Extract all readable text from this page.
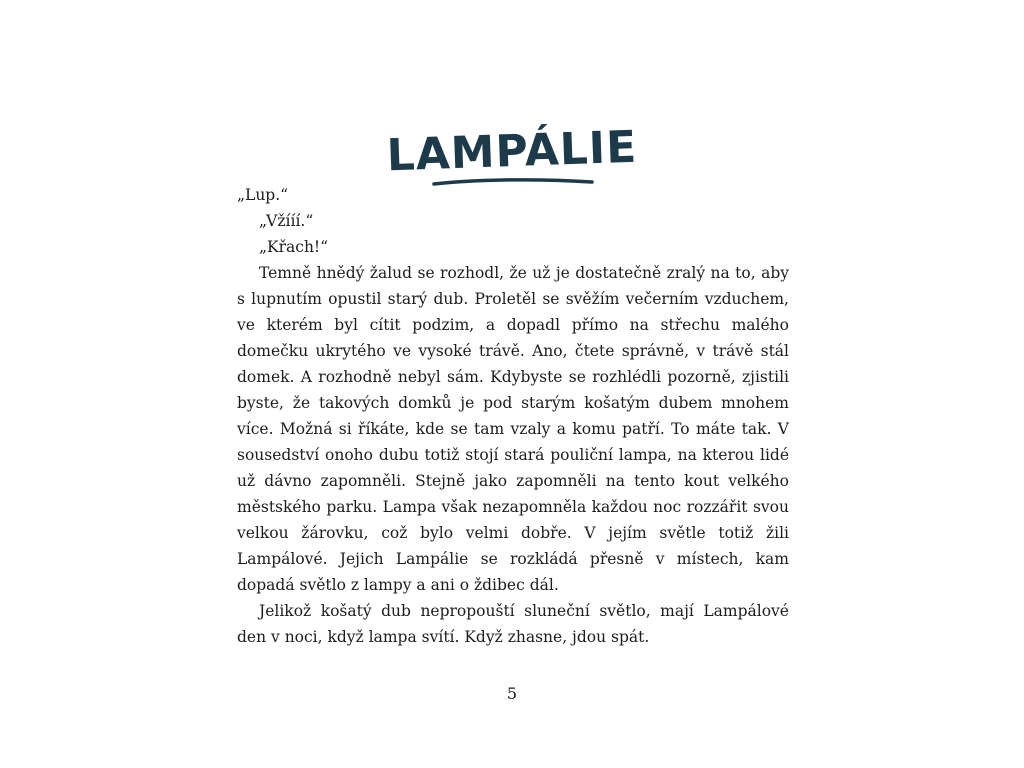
LAMPÁLIE

„Lup.“

„Vžííí.“

„Křach!“

Temně hnědý žalud se rozhodl, že už je dostatečně zralý na to, aby s lupnutím opustil starý dub. Proletěl se svěžím večerním vzduchem, ve kterém byl cítit podzim, a dopadl přímo na střechu malého domečku ukrytého ve vysoké trávě. Ano, čtete správně, v trávě stál domek. A rozhodně nebyl sám. Kdybyste se rozhlédli pozorně, zjistili byste, že takových domků je pod starým košatým dubem mnohem více. Možná si říkáte, kde se tam vzaly a komu patří. To máte tak. V sousedství onoho dubu totiž stojí stará pouliční lampa, na kterou lidé už dávno zapomněli. Stejně jako zapomněli na tento kout velkého městského parku. Lampa však nezapomněla každou noc rozzářit svou velkou žárovku, což bylo velmi dobře. V jejím světle totiž žili Lampálové. Jejich Lampálie se rozkládá přesně v místech, kam dopadá světlo z lampy a ani o ždibec dál.

Jelikož košatý dub nepropouští sluneční světlo, mají Lampálové den v noci, když lampa svítí. Když zhasne, jdou spát.

5
